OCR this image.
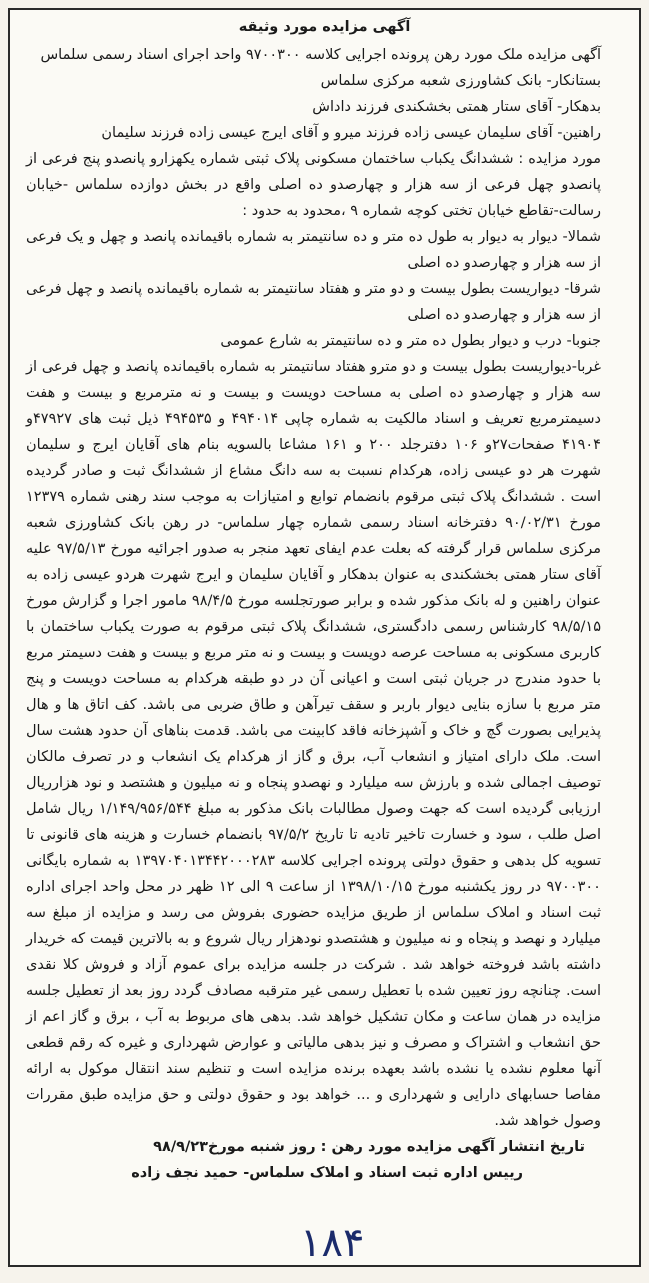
آگهی مزایده مورد وثیقه

آگهی مزایده ملک مورد رهن پرونده اجرایی کلاسه ۹۷۰۰۳۰۰ واحد اجرای اسناد رسمی سلماس

بستانکار- بانک کشاورزی شعبه مرکزی سلماس

بدهکار- آقای ستار همتی بخشکندی فرزند داداش

راهنین- آقای سلیمان عیسی زاده فرزند میرو و آقای ایرج عیسی زاده فرزند سلیمان

مورد مزایده : ششدانگ یکباب ساختمان مسکونی پلاک ثبتی شماره یکهزارو پانصدو پنج فرعی از پانصدو چهل فرعی از سه هزار و چهارصدو ده اصلی واقع در بخش دوازده سلماس -خیابان رسالت-تقاطع خیابان تختی کوچه شماره ۹ ،محدود به حدود :

شمالا- دیوار به دیوار به طول ده متر و ده سانتیمتر به شماره باقیمانده پانصد و چهل و یک فرعی از سه هزار و چهارصدو ده اصلی

شرقا- دیواریست بطول بیست و دو متر و هفتاد سانتیمتر به شماره باقیمانده پانصد و چهل فرعی از سه هزار و چهارصدو ده اصلی

جنوبا- درب و دیوار بطول ده متر و ده سانتیمتر به شارع عمومی

غربا-دیواریست بطول بیست و دو مترو هفتاد سانتیمتر به شماره باقیمانده پانصد و چهل فرعی از سه هزار و چهارصدو ده اصلی به مساحت دویست و بیست و نه مترمربع و بیست و هفت دسیمترمربع تعریف و اسناد مالکیت به شماره چاپی ۴۹۴۰۱۴ و ۴۹۴۵۳۵ ذیل ثبت های ۴۷۹۲۷و ۴۱۹۰۴ صفحات۲۷و ۱۰۶ دفترجلد ۲۰۰ و ۱۶۱ مشاعا بالسویه بنام های آقایان ایرج و سلیمان شهرت هر دو عیسی زاده، هرکدام نسبت به سه دانگ مشاع از ششدانگ ثبت و صادر گردیده است . ششدانگ پلاک ثبتی مرقوم بانضمام توابع و امتیازات به موجب سند رهنی شماره ۱۲۳۷۹ مورخ ۹۰/۰۲/۳۱ دفترخانه اسناد رسمی شماره چهار سلماس- در رهن بانک کشاورزی شعبه مرکزی سلماس قرار گرفته که بعلت عدم ایفای تعهد منجر به صدور اجرائیه مورخ ۹۷/۵/۱۳ علیه آقای ستار همتی بخشکندی به عنوان بدهکار و آقایان سلیمان و ایرج شهرت هردو عیسی زاده به عنوان راهنین و له بانک مذکور شده و برابر صورتجلسه مورخ ۹۸/۴/۵ مامور اجرا و گزارش مورخ ۹۸/۵/۱۵ کارشناس رسمی دادگستری، ششدانگ پلاک ثبتی مرقوم به صورت یکباب ساختمان با کاربری مسکونی به مساحت عرصه دویست و بیست و نه متر مربع و بیست و هفت دسیمتر مربع با حدود مندرج در جریان ثبتی است و اعیانی آن در دو طبقه هرکدام به مساحت دویست و پنج متر مربع با سازه بنایی دیوار باربر و سقف تیرآهن و طاق ضربی می باشد. کف اتاق ها و هال پذیرایی بصورت گچ و خاک و آشپزخانه فاقد کابینت می باشد. قدمت بناهای آن حدود هشت سال است. ملک دارای امتیاز و انشعاب آب، برق و گاز از هرکدام یک انشعاب و در تصرف مالکان توصیف اجمالی شده و بارزش سه میلیارد و نهصدو پنجاه و نه میلیون و هشتصد و نود هزارریال ارزیابی گردیده است که جهت وصول مطالبات بانک مذکور به مبلغ ۱/۱۴۹/۹۵۶/۵۴۴ ریال شامل اصل طلب ، سود و خسارت تاخیر تادیه تا تاریخ ۹۷/۵/۲ بانضمام خسارت و هزینه های قانونی تا تسویه کل بدهی و حقوق دولتی پرونده اجرایی کلاسه ۱۳۹۷۰۴۰۱۳۴۴۲۰۰۰۲۸۳ به شماره بایگانی ۹۷۰۰۳۰۰ در روز یکشنبه مورخ ۱۳۹۸/۱۰/۱۵ از ساعت ۹ الی ۱۲ ظهر در محل واحد اجرای اداره ثبت اسناد و املاک سلماس از طریق مزایده حضوری بفروش می رسد و مزایده از مبلغ سه میلیارد و نهصد و پنجاه و نه میلیون و هشتصدو نودهزار ریال شروع و به بالاترین قیمت که خریدار داشته باشد فروخته خواهد شد . شرکت در جلسه مزایده برای عموم آزاد و فروش کلا نقدی است. چنانچه روز تعیین شده با تعطیل رسمی غیر مترقبه مصادف گردد روز بعد از تعطیل جلسه مزایده در همان ساعت و مکان تشکیل خواهد شد. بدهی های مربوط به آب ، برق و گاز اعم از حق انشعاب و اشتراک و مصرف و نیز بدهی مالیاتی و عوارض شهرداری و غیره که رقم قطعی آنها معلوم نشده یا نشده باشد بعهده برنده مزایده است و تنظیم سند انتقال موکول به ارائه مفاصا حسابهای دارایی و شهرداری و ... خواهد بود و حقوق دولتی و حق مزایده طبق مقررات وصول خواهد شد.

تاریخ انتشار آگهی مزایده مورد رهن : روز شنبه مورخ۹۸/۹/۲۳
رییس اداره ثبت اسناد و املاک سلماس- حمید نجف زاده
۱۸۴
